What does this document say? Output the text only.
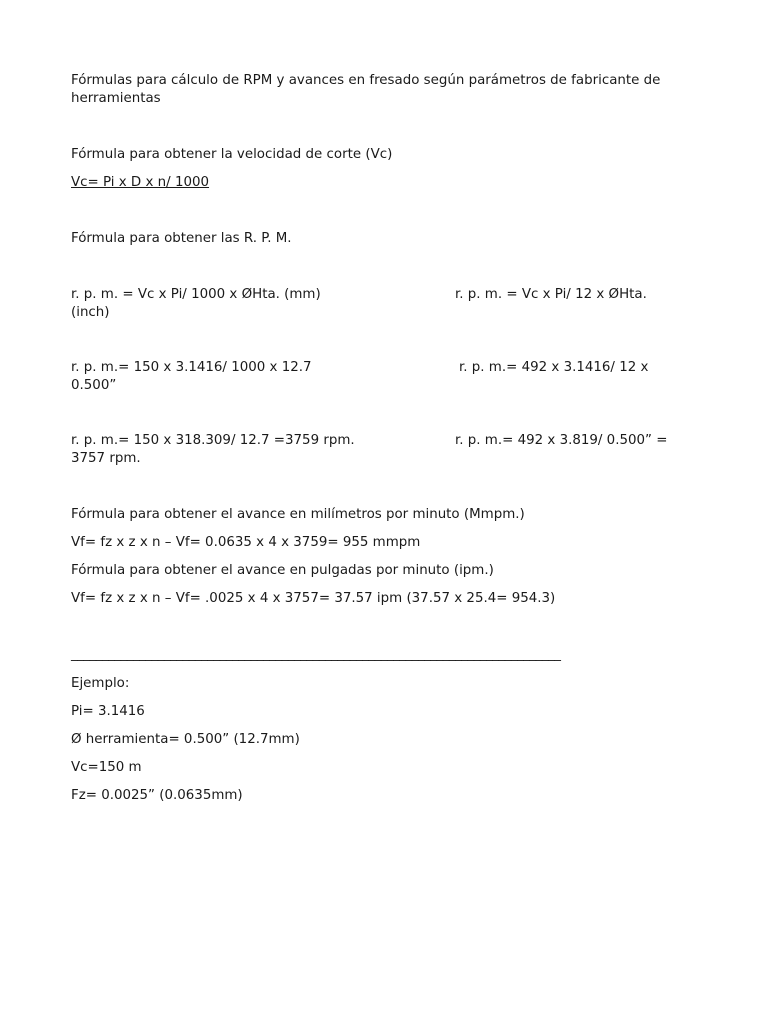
Fórmulas para cálculo de RPM y avances en fresado según parámetros de fabricante de herramientas
Fórmula para obtener la velocidad de corte (Vc)
Vc= Pi x D x n/ 1000
Fórmula para obtener las R. P. M.
r. p. m. = Vc x Pi/ 1000 x ØHta. (mm)	r. p. m. = Vc x Pi/ 12 x ØHta.
(inch)
r. p. m.= 150 x 3.1416/ 1000 x 12.7	r. p. m.= 492 x 3.1416/ 12 x
0.500”
r. p. m.= 150 x 318.309/ 12.7 =3759 rpm.	r. p. m.= 492 x 3.819/ 0.500” =
3757 rpm.
Fórmula para obtener el avance en milímetros por minuto (Mmpm.)
Vf= fz x z x n – Vf= 0.0635 x 4 x 3759= 955 mmpm
Fórmula para obtener el avance en pulgadas por minuto (ipm.)
Vf= fz x z x n – Vf= .0025 x 4 x 3757= 37.57 ipm (37.57 x 25.4= 954.3)
_______________________________________________________________________________
Ejemplo:
Pi= 3.1416
Ø herramienta= 0.500” (12.7mm)
Vc=150 m
Fz= 0.0025” (0.0635mm)
